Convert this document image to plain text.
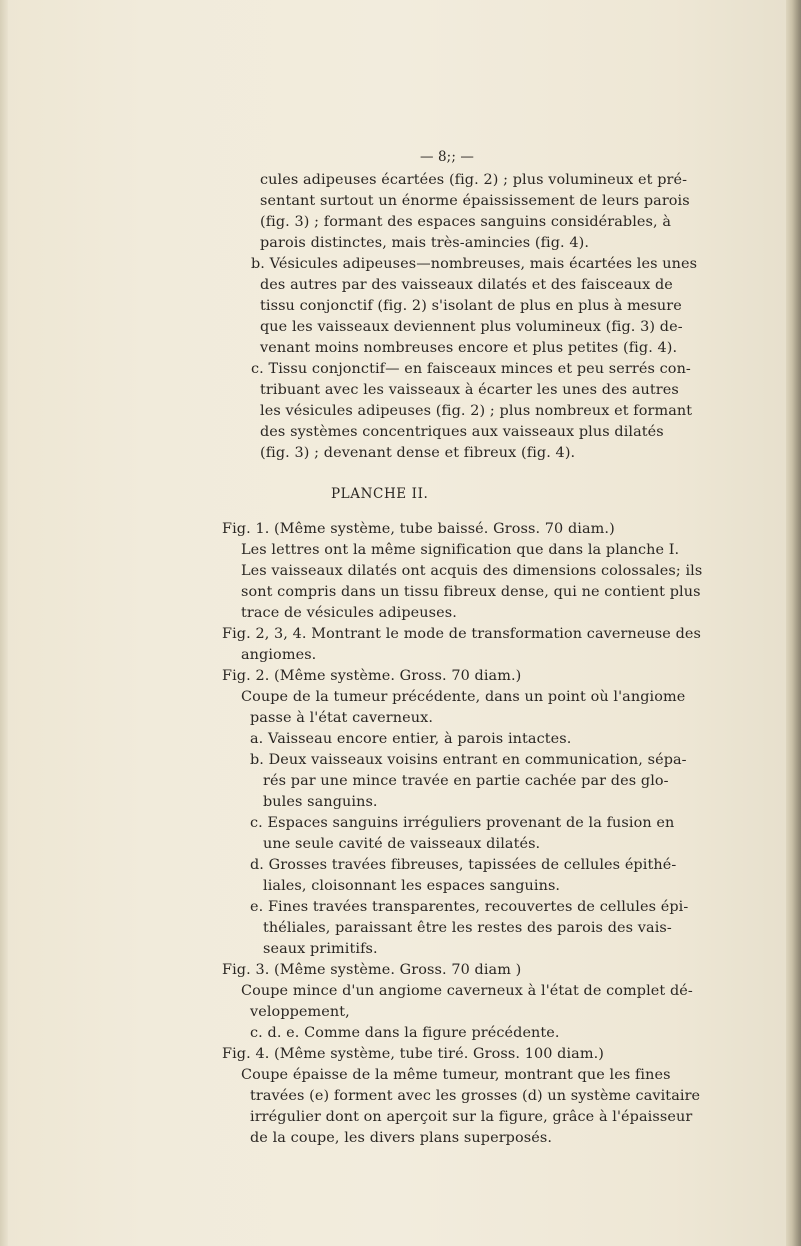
— 8;; —
cules adipeuses écartées (fig. 2) ; plus volumineux et pré-
sentant surtout un énorme épaississement de leurs parois
(fig. 3) ; formant des espaces sanguins considérables, à
parois distinctes, mais très-amincies (fig. 4).
b. Vésicules adipeuses—nombreuses, mais écartées les unes
des autres par des vaisseaux dilatés et des faisceaux de
tissu conjonctif (fig. 2) s'isolant de plus en plus à mesure
que les vaisseaux deviennent plus volumineux (fig. 3) de-
venant moins nombreuses encore et plus petites (fig. 4).
c. Tissu conjonctif— en faisceaux minces et peu serrés con-
tribuant avec les vaisseaux à écarter les unes des autres
les vésicules adipeuses (fig. 2) ; plus nombreux et formant
des systèmes concentriques aux vaisseaux plus dilatés
(fig. 3) ; devenant dense et fibreux (fig. 4).
PLANCHE II.
Fig. 1. (Même système, tube baissé. Gross. 70 diam.)
Les lettres ont la même signification que dans la planche I.
Les vaisseaux dilatés ont acquis des dimensions colossales; ils
sont compris dans un tissu fibreux dense, qui ne contient plus
trace de vésicules adipeuses.
Fig. 2, 3, 4. Montrant le mode de transformation caverneuse des
angiomes.
Fig. 2. (Même système. Gross. 70 diam.)
Coupe de la tumeur précédente, dans un point où l'angiome
passe à l'état caverneux.
a. Vaisseau encore entier, à parois intactes.
b. Deux vaisseaux voisins entrant en communication, sépa-
rés par une mince travée en partie cachée par des glo-
bules sanguins.
c. Espaces sanguins irréguliers provenant de la fusion en
une seule cavité de vaisseaux dilatés.
d. Grosses travées fibreuses, tapissées de cellules épithé-
liales, cloisonnant les espaces sanguins.
e. Fines travées transparentes, recouvertes de cellules épi-
théliales, paraissant être les restes des parois des vais-
seaux primitifs.
Fig. 3. (Même système. Gross. 70 diam )
Coupe mince d'un angiome caverneux à l'état de complet dé-
veloppement,
c. d. e. Comme dans la figure précédente.
Fig. 4. (Même système, tube tiré. Gross. 100 diam.)
Coupe épaisse de la même tumeur, montrant que les fines
travées (e) forment avec les grosses (d) un système cavitaire
irrégulier dont on aperçoit sur la figure, grâce à l'épaisseur
de la coupe, les divers plans superposés.
